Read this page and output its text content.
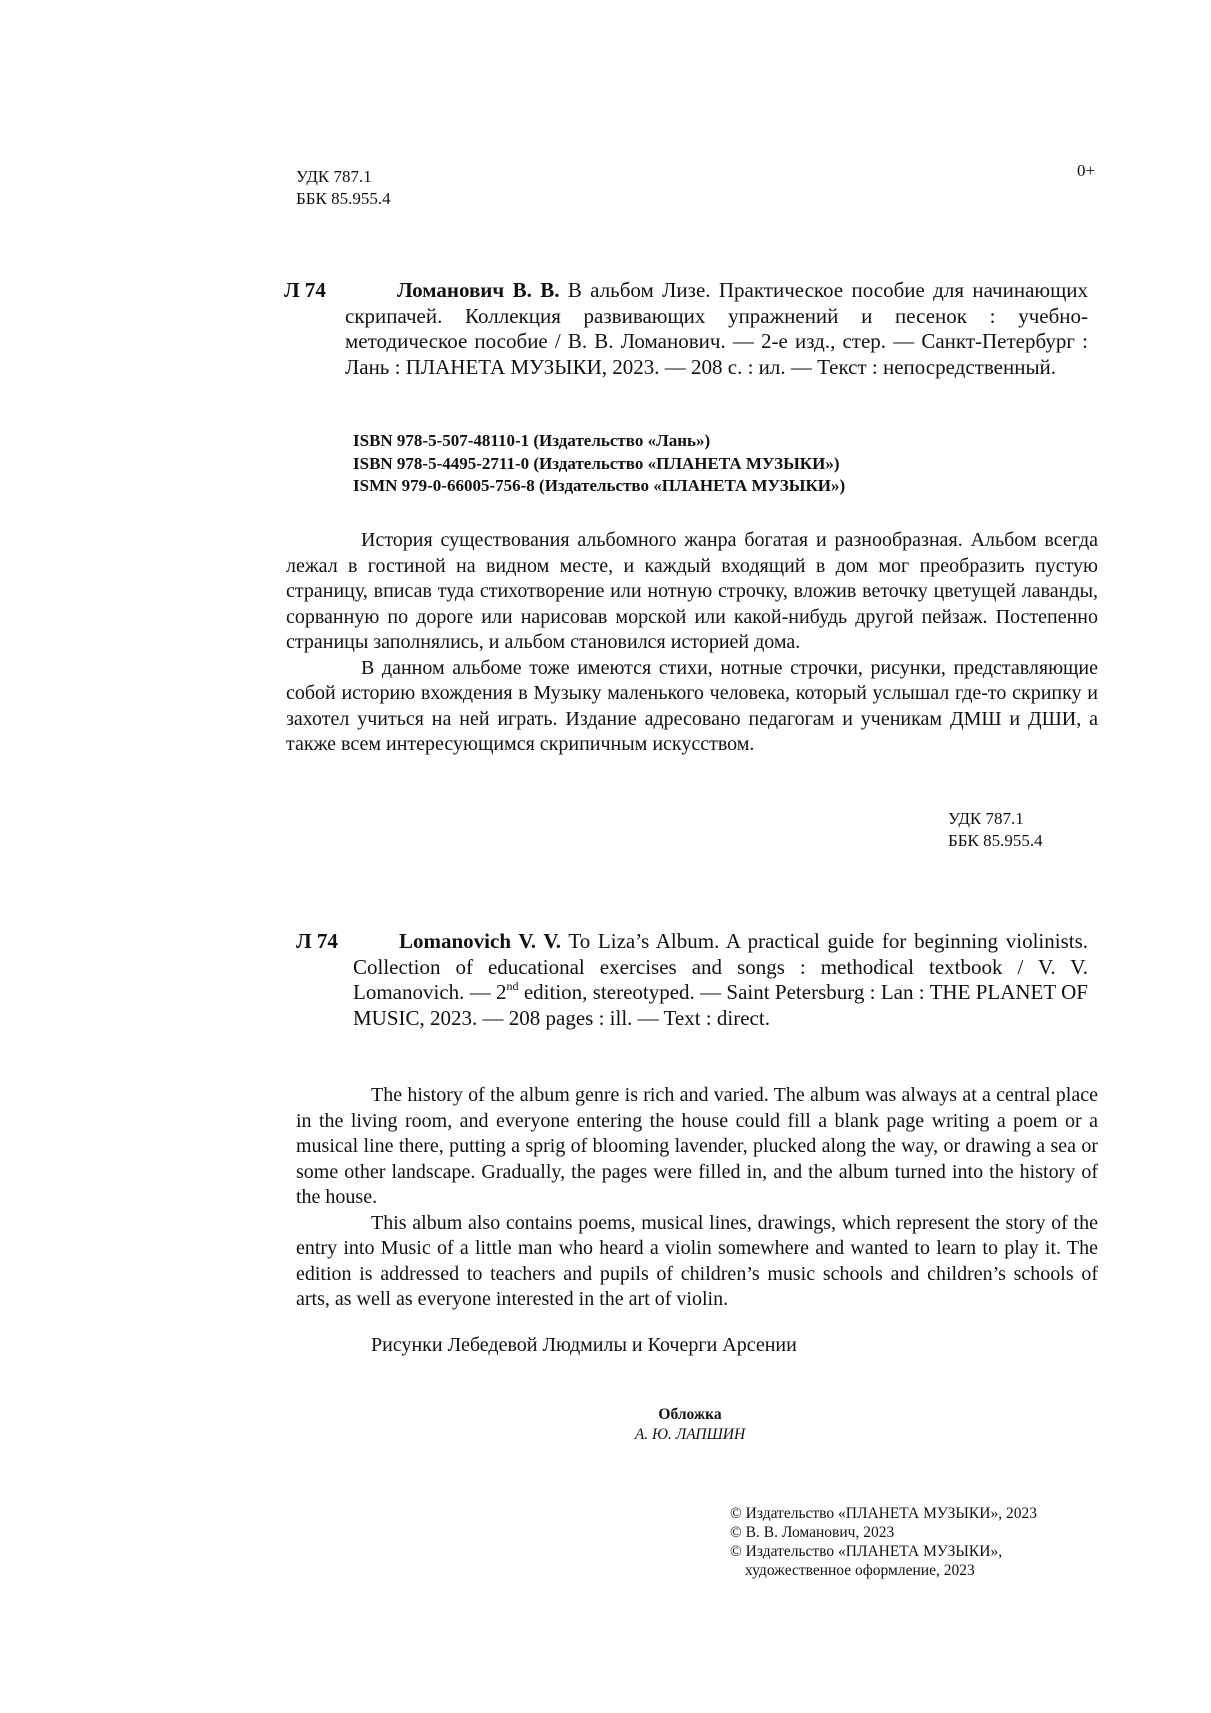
УДК 787.1
ББК 85.955.4
0+
Л 74	Ломанович В. В. В альбом Лизе. Практическое пособие для начинающих скрипачей. Коллекция развивающих упражнений и песенок : учебно-методическое пособие / В. В. Ломанович. — 2-е изд., стер. — Санкт-Петербург : Лань : ПЛАНЕТА МУЗЫКИ, 2023. — 208 с. : ил. — Текст : непосредственный.
ISBN 978-5-507-48110-1 (Издательство «Лань»)
ISBN 978-5-4495-2711-0 (Издательство «ПЛАНЕТА МУЗЫКИ»)
ISMN 979-0-66005-756-8 (Издательство «ПЛАНЕТА МУЗЫКИ»)
История существования альбомного жанра богатая и разнообразная. Альбом всегда лежал в гостиной на видном месте, и каждый входящий в дом мог преобразить пустую страницу, вписав туда стихотворение или нотную строчку, вложив веточку цветущей лаванды, сорванную по дороге или нарисовав морской или какой-нибудь другой пейзаж. Постепенно страницы заполнялись, и альбом становился историей дома.
В данном альбоме тоже имеются стихи, нотные строчки, рисунки, представляющие собой историю вхождения в Музыку маленького человека, который услышал где-то скрипку и захотел учиться на ней играть. Издание адресовано педагогам и ученикам ДМШ и ДШИ, а также всем интересующимся скрипичным искусством.
УДК 787.1
ББК 85.955.4
Л 74	Lomanovich V. V. To Liza’s Album. A practical guide for beginning violinists. Collection of educational exercises and songs : methodical textbook / V. V. Lomanovich. — 2nd edition, stereotyped. — Saint Petersburg : Lan : THE PLANET OF MUSIC, 2023. — 208 pages : ill. — Text : direct.
The history of the album genre is rich and varied. The album was always at a central place in the living room, and everyone entering the house could fill a blank page writing a poem or a musical line there, putting a sprig of blooming lavender, plucked along the way, or drawing a sea or some other landscape. Gradually, the pages were filled in, and the album turned into the history of the house.
This album also contains poems, musical lines, drawings, which represent the story of the entry into Music of a little man who heard a violin somewhere and wanted to learn to play it. The edition is addressed to teachers and pupils of children’s music schools and children’s schools of arts, as well as everyone interested in the art of violin.
Рисунки Лебедевой Людмилы и Кочерги Арсении
Обложка
А. Ю. ЛАПШИН
© Издательство «ПЛАНЕТА МУЗЫКИ», 2023
© В. В. Ломанович, 2023
© Издательство «ПЛАНЕТА МУЗЫКИ»,
художественное оформление, 2023
